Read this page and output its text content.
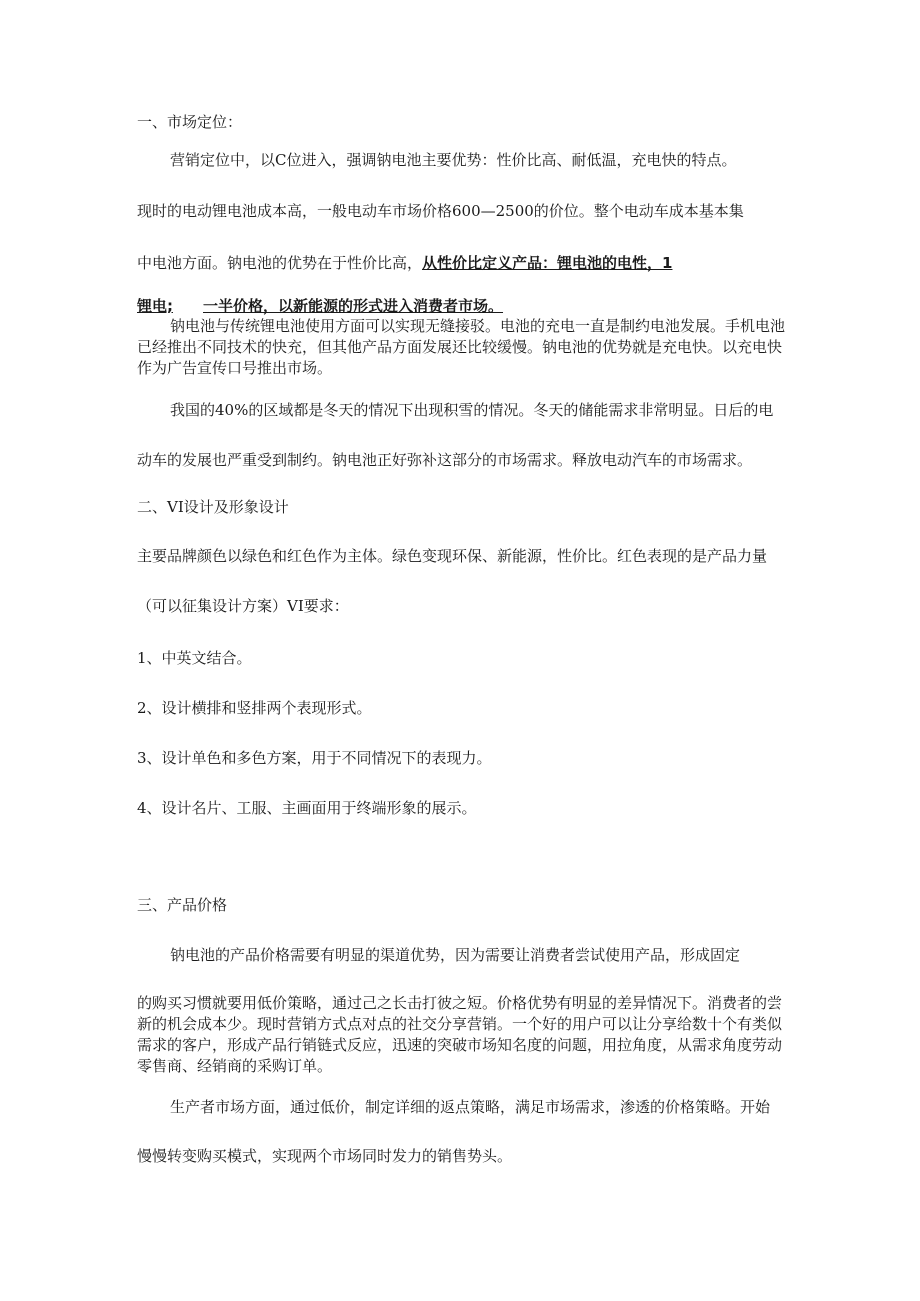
一、市场定位：

营销定位中，以C位进入，强调钠电池主要优势：性价比高、耐低温，充电快的特点。

现时的电动锂电池成本高，一般电动车市场价格600—2500的价位。整个电动车成本基本集

中电池方面。钠电池的优势在于性价比高，从性价比定义产品：锂电池的电性，1

锂电; 一半价格，以新能源的形式进入消费者市场。

钠电池与传统锂电池使用方面可以实现无缝接驳。电池的充电一直是制约电池发展。手机电池已经推出不同技术的快充，但其他产品方面发展还比较缓慢。钠电池的优势就是充电快。以充电快作为广告宣传口号推出市场。

我国的40%的区域都是冬天的情况下出现积雪的情况。冬天的储能需求非常明显。日后的电

动车的发展也严重受到制约。钠电池正好弥补这部分的市场需求。释放电动汽车的市场需求。

二、VI设计及形象设计

主要品牌颜色以绿色和红色作为主体。绿色变现环保、新能源，性价比。红色表现的是产品力量

（可以征集设计方案）VI要求：

1、中英文结合。

2、设计横排和竖排两个表现形式。

3、设计单色和多色方案，用于不同情况下的表现力。

4、设计名片、工服、主画面用于终端形象的展示。

三、产品价格

钠电池的产品价格需要有明显的渠道优势，因为需要让消费者尝试使用产品，形成固定

的购买习惯就要用低价策略，通过己之长击打彼之短。价格优势有明显的差异情况下。消费者的尝新的机会成本少。现时营销方式点对点的社交分享营销。一个好的用户可以让分享给数十个有类似需求的客户，形成产品行销链式反应，迅速的突破市场知名度的问题，用拉角度，从需求角度劳动零售商、经销商的采购订单。

生产者市场方面，通过低价，制定详细的返点策略，满足市场需求，渗透的价格策略。开始

慢慢转变购买模式，实现两个市场同时发力的销售势头。
